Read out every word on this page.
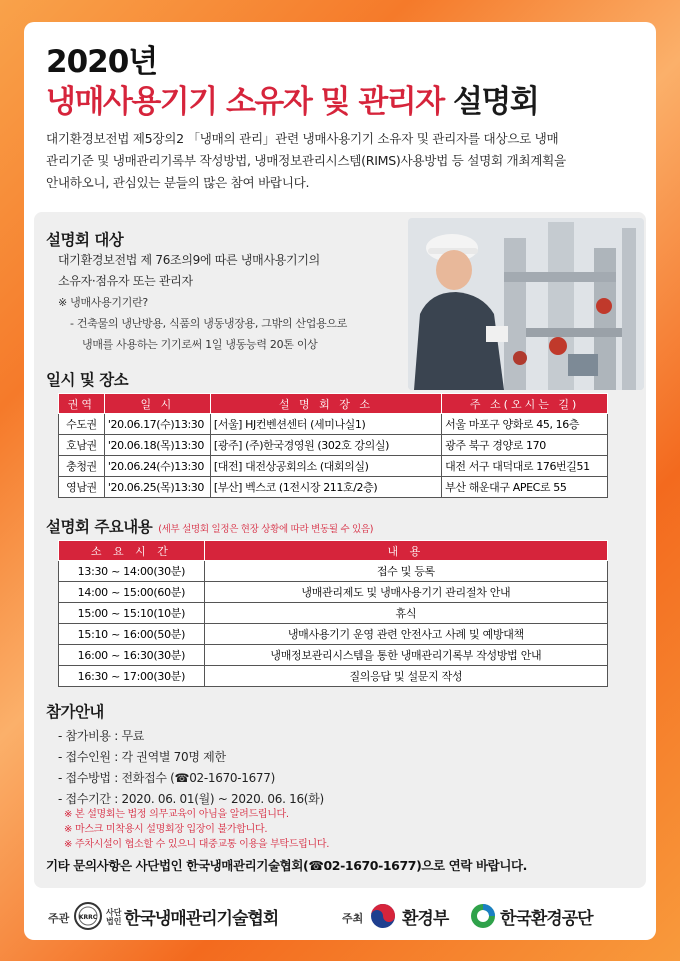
2020년
냉매사용기기 소유자 및 관리자 설명회
대기환경보전법 제5장의2 「냉매의 관리」관련 냉매사용기기 소유자 및 관리자를 대상으로 냉매
관리기준 및 냉매관리기록부 작성방법, 냉매정보관리시스템(RIMS)사용방법 등 설명회 개최계획을
안내하오니, 관심있는 분들의 많은 참여 바랍니다.
설명회 대상
대기환경보전법 제 76조의9에 따른 냉매사용기기의
소유자·점유자 또는 관리자
※ 냉매사용기기란?
- 건축물의 냉난방용, 식품의 냉동냉장용, 그밖의 산업용으로
냉매를 사용하는 기기로써 1일 냉동능력 20톤 이상
일시 및 장소
권역	일 시	설 명 회 장 소	주 소(오시는 길)
수도권	'20.06.17(수)13:30	[서울] HJ컨벤션센터 (세미나실1)	서울 마포구 양화로 45, 16층
호남권	'20.06.18(목)13:30	[광주] (주)한국경영원 (302호 강의실)	광주 북구 경양로 170
충청권	'20.06.24(수)13:30	[대전] 대전상공회의소 (대회의실)	대전 서구 대덕대로 176번길51
영남권	'20.06.25(목)13:30	[부산] 벡스코 (1전시장 211호/2층)	부산 해운대구 APEC로 55
설명회 주요내용 (세부 설명회 일정은 현장 상황에 따라 변동될 수 있음)
소 요 시 간	내 용
13:30 ~ 14:00(30분)	접수 및 등록
14:00 ~ 15:00(60분)	냉매관리제도 및 냉매사용기기 관리절차 안내
15:00 ~ 15:10(10분)	휴식
15:10 ~ 16:00(50분)	냉매사용기기 운영 관련 안전사고 사례 및 예방대책
16:00 ~ 16:30(30분)	냉매정보관리시스템을 통한 냉매관리기록부 작성방법 안내
16:30 ~ 17:00(30분)	질의응답 및 설문지 작성
참가안내
- 참가비용 : 무료
- 접수인원 : 각 권역별 70명 제한
- 접수방법 : 전화접수 (☎02-1670-1677)
- 접수기간 : 2020. 06. 01(월) ~ 2020. 06. 16(화)
※ 본 설명회는 법정 의무교육이 아님을 알려드립니다.
※ 마스크 미착용시 설명회장 입장이 불가합니다.
※ 주차시설이 협소할 수 있으니 대중교통 이용을 부탁드립니다.
기타 문의사항은 사단법인 한국냉매관리기술협회(☎02-1670-1677)으로 연락 바랍니다.
주관 KRRC
사단
법인 한국냉매관리기술협회	주최 환경부	한국환경공단
